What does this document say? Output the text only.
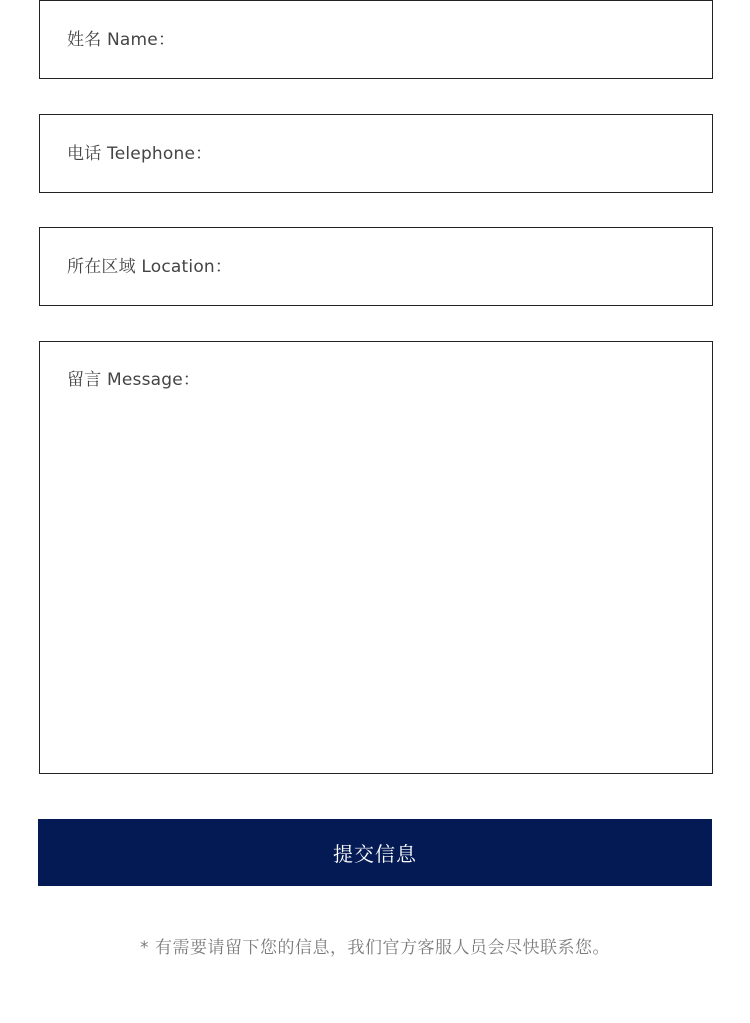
姓名 Name：
电话 Telephone：
所在区域 Location：
留言 Message：
提交信息
* 有需要请留下您的信息，我们官方客服人员会尽快联系您。
